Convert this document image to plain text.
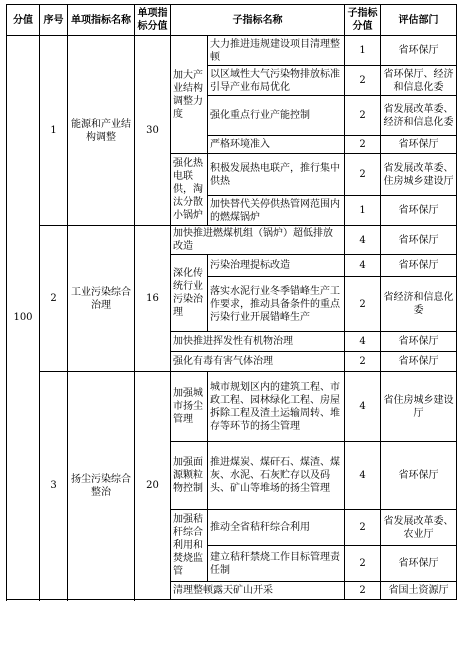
分值	序号	单项指标名称	单项指标分值	子指标名称		子指标分值	评估部门
100	1	能源和产业结构调整	30	加大产业结构调整力度	大力推进违规建设项目清理整顿	1	省环保厅
					以区域性大气污染物排放标准引导产业布局优化	2	省环保厅、经济和信息化委
					强化重点行业产能控制	2	省发展改革委、经济和信息化委
					严格环境准入	2	省环保厅
				强化热电联供，淘汰分散小锅炉	积极发展热电联产，推行集中供热	2	省发展改革委、住房城乡建设厅
					加快替代关停供热管网范围内的燃煤锅炉	1	省环保厅
	2	工业污染综合治理	16	加快推进燃煤机组（锅炉）超低排放改造		4	省环保厅
				深化传统行业污染治理	污染治理提标改造	4	省环保厅
					落实水泥行业冬季错峰生产工作要求，推动具备条件的重点污染行业开展错峰生产	2	省经济和信息化委
				加快推进挥发性有机物治理		4	省环保厅
				强化有毒有害气体治理		2	省环保厅

	3	扬尘污染综合整治	20	加强城市扬尘管理	城市规划区内的建筑工程、市政工程、园林绿化工程、房屋拆除工程及渣土运输周转、堆存等环节的扬尘管理	4	省住房城乡建设厅
				加强面源颗粒物控制	推进煤炭、煤矸石、煤渣、煤灰、水泥、石灰贮存以及码头、矿山等堆场的扬尘管理	4	省环保厅
				加强秸秆综合利用和焚烧监管	推动全省秸秆综合利用	2	省发展改革委、农业厅
					建立秸秆禁烧工作目标管理责任制	2	省环保厅
				清理整顿露天矿山开采		2	省国土资源厅
